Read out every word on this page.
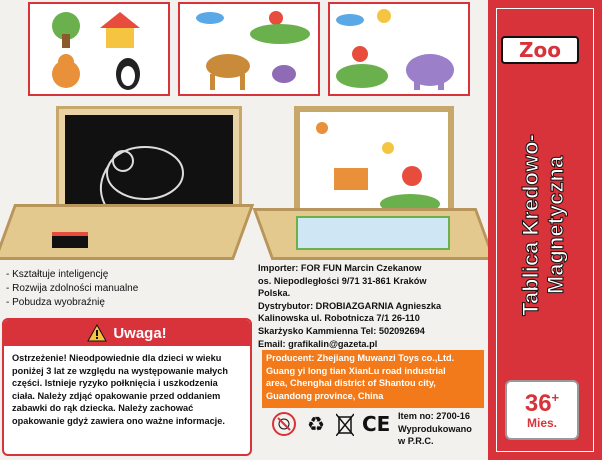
- Kształtuje inteligencję
- Rozwija zdolności manualne
- Pobudza wyobraźnię

Importer: FOR FUN Marcin Czekanow

os. Niepodległości 9/71 31-861 Kraków

Polska.

Dystrybutor: DROBIAZGARNIA Agnieszka

Kalinowska ul. Robotnicza 7/1 26-110

Skarżysko Kammienna Tel: 502092694

Email: grafikalin@gazeta.pl

Producent: Zhejiang Muwanzi Toys co.,Ltd.
Guang yi long tian XianLu road industrial
area, Chenghai district of Shantou city,
Guandong province, China
Uwaga!
Ostrzeżenie! Nieodpowiednie dla dzieci w wieku poniżej 3 lat ze względu na występowanie małych części. Istnieje ryzyko połknięcia i uszkodzenia ciała. Należy zdjąć opakowanie przed oddaniem zabawki do rąk dziecka. Należy zachować opakowanie gdyż zawiera ono ważne informacje.	♻ CE Item no: 2700-16
Wyprodukowano
w P.R.C.
Zoo
Tablica Kredowo- Magnetyczna
36+
Mies.
